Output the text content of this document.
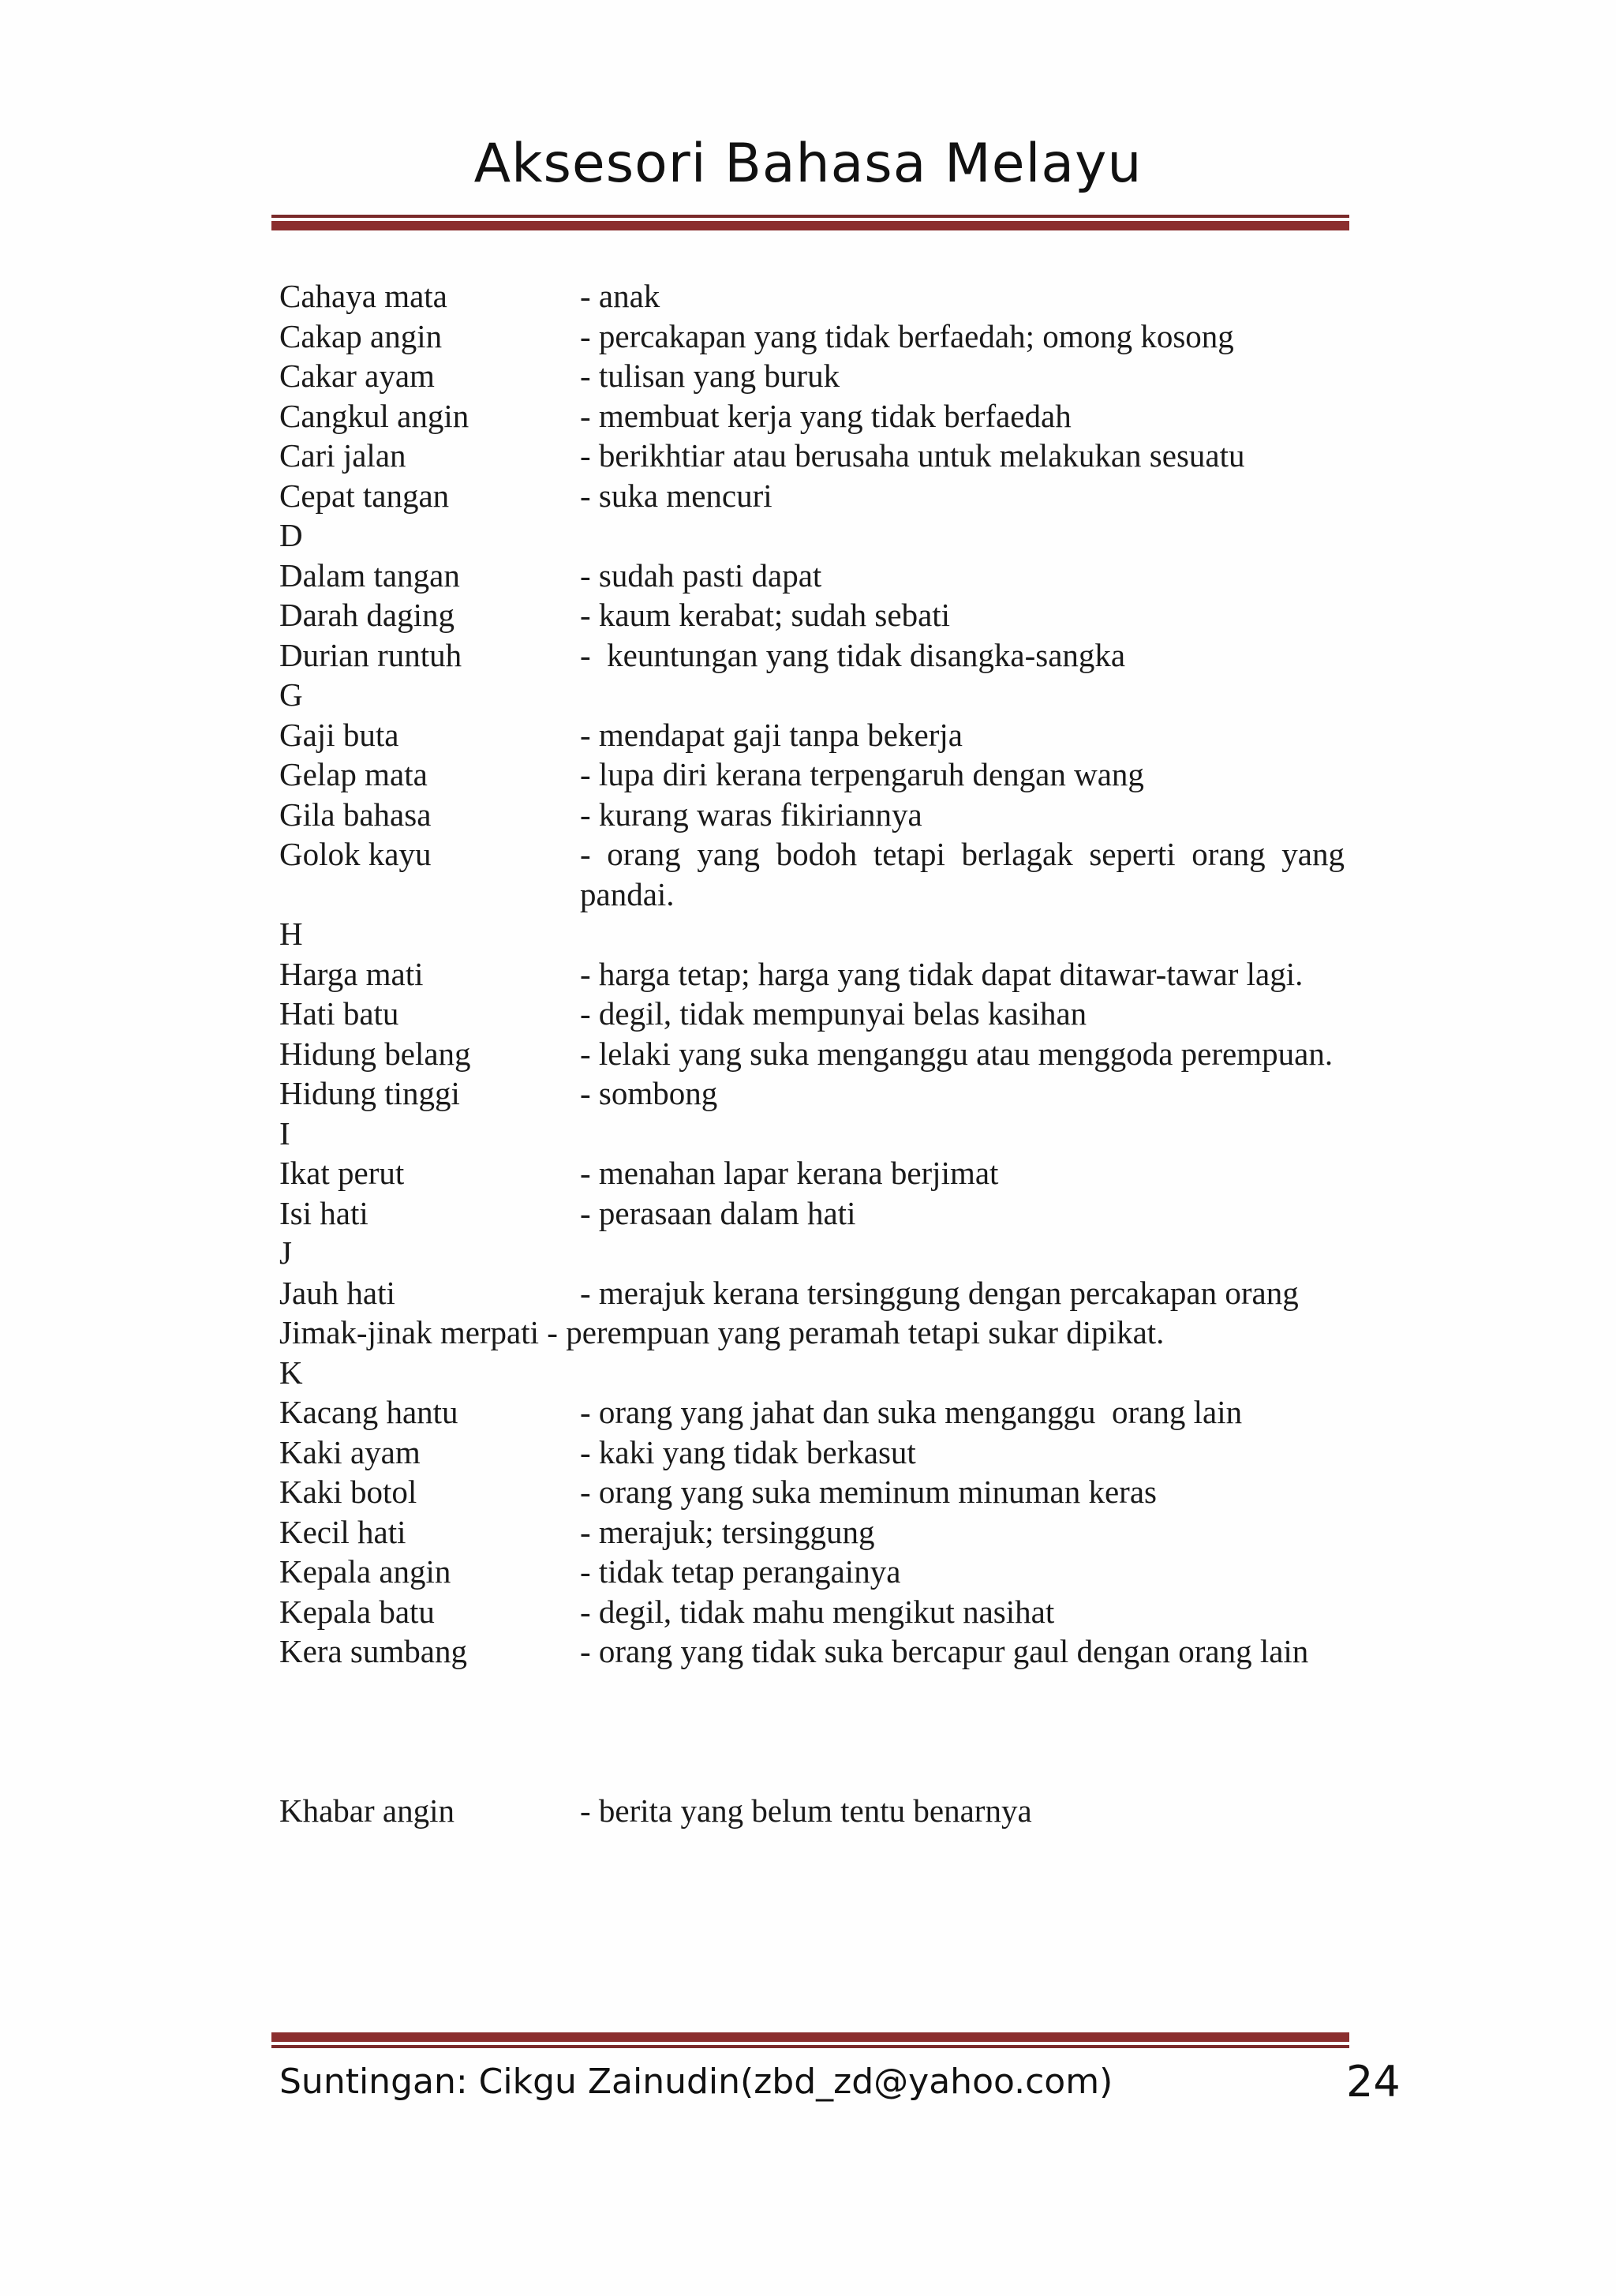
Aksesori Bahasa Melayu
Cahaya mata	- anak
Cakap angin	- percakapan yang tidak berfaedah; omong kosong
Cakar ayam	- tulisan yang buruk
Cangkul angin	- membuat kerja yang tidak berfaedah
Cari jalan	- berikhtiar atau berusaha untuk melakukan sesuatu
Cepat tangan	- suka mencuri
D
Dalam tangan	- sudah pasti dapat
Darah daging	- kaum kerabat; sudah sebati
Durian runtuh	-  keuntungan yang tidak disangka-sangka
G
Gaji buta	- mendapat gaji tanpa bekerja
Gelap mata	- lupa diri kerana terpengaruh dengan wang
Gila bahasa	- kurang waras fikiriannya
Golok kayu	- orang yang bodoh tetapi berlagak seperti orang yang pandai.
H
Harga mati	- harga tetap; harga yang tidak dapat ditawar-tawar lagi.
Hati batu	- degil, tidak mempunyai belas kasihan
Hidung belang	- lelaki yang suka menganggu atau menggoda perempuan.
Hidung tinggi	- sombong
I
Ikat perut	- menahan lapar kerana berjimat
Isi hati	- perasaan dalam hati
J
Jauh hati	- merajuk kerana tersinggung dengan percakapan orang
Jimak-jinak merpati - perempuan yang peramah tetapi sukar dipikat.
K
Kacang hantu	- orang yang jahat dan suka menganggu  orang lain
Kaki ayam	- kaki yang tidak berkasut
Kaki botol	- orang yang suka meminum minuman keras
Kecil hati	- merajuk; tersinggung
Kepala angin	- tidak tetap perangainya
Kepala batu	- degil, tidak mahu mengikut nasihat
Kera sumbang	- orang yang tidak suka bercapur gaul dengan orang lain
Khabar angin	- berita yang belum tentu benarnya
Suntingan: Cikgu Zainudin(zbd_zd@yahoo.com)	24
